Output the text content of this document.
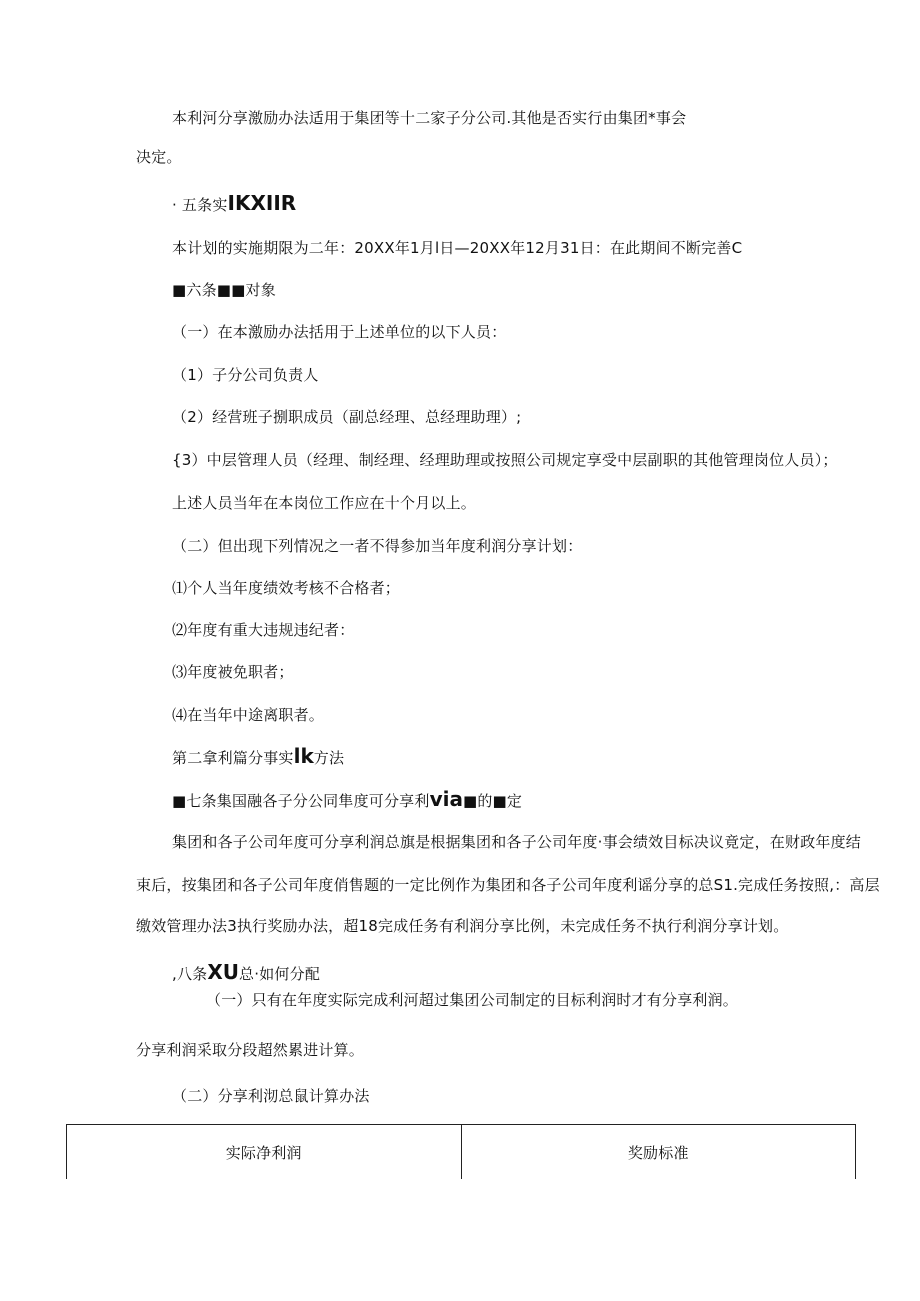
本利河分享激励办法适用于集团等十二家子分公司.其他是否实行由集团*事会
决定。
· 五条实IKXIIR
本计划的实施期限为二年：20XX年1月l日—20XX年12月31日：在此期间不断完善C
■六条■■对象
（一）在本激励办法括用于上述单位的以下人员：
（1）子分公司负责人
（2）经营班子捌职成员（副总经理、总经理助理）;
{3）中层管理人员（经理、制经理、经理助理或按照公司规定享受中层副职的其他管理岗位人员）；
上述人员当年在本岗位工作应在十个月以上。
（二）但出现下列情况之一者不得参加当年度利润分享计划：
⑴个人当年度绩效考核不合格者；
⑵年度有重大违规违纪者：
⑶年度被免职者；
⑷在当年中途离职者。
第二拿利篇分事实lk方法
■七条集国融各子分公同隼度可分享利via■的■定
集团和各子公司年度可分享利润总旗是根据集团和各子公司年度·事会绩效目标决议竟定，在财政年度结
束后，按集团和各子公司年度俏售题的一定比例作为集团和各子公司年度利谣分享的总S1.完成任务按照,：高层
缴效管理办法3执行奖励办法，超18完成任务有利润分享比例，未完成任务不执行利润分享计划。
,八条XU总·如何分配
（一）只有在年度实际完成利河超过集团公司制定的目标利润时才有分享利润。
分享利润采取分段超然累进计算。
（二）分享利沏总鼠计算办法
实际净利润	奖励标准
